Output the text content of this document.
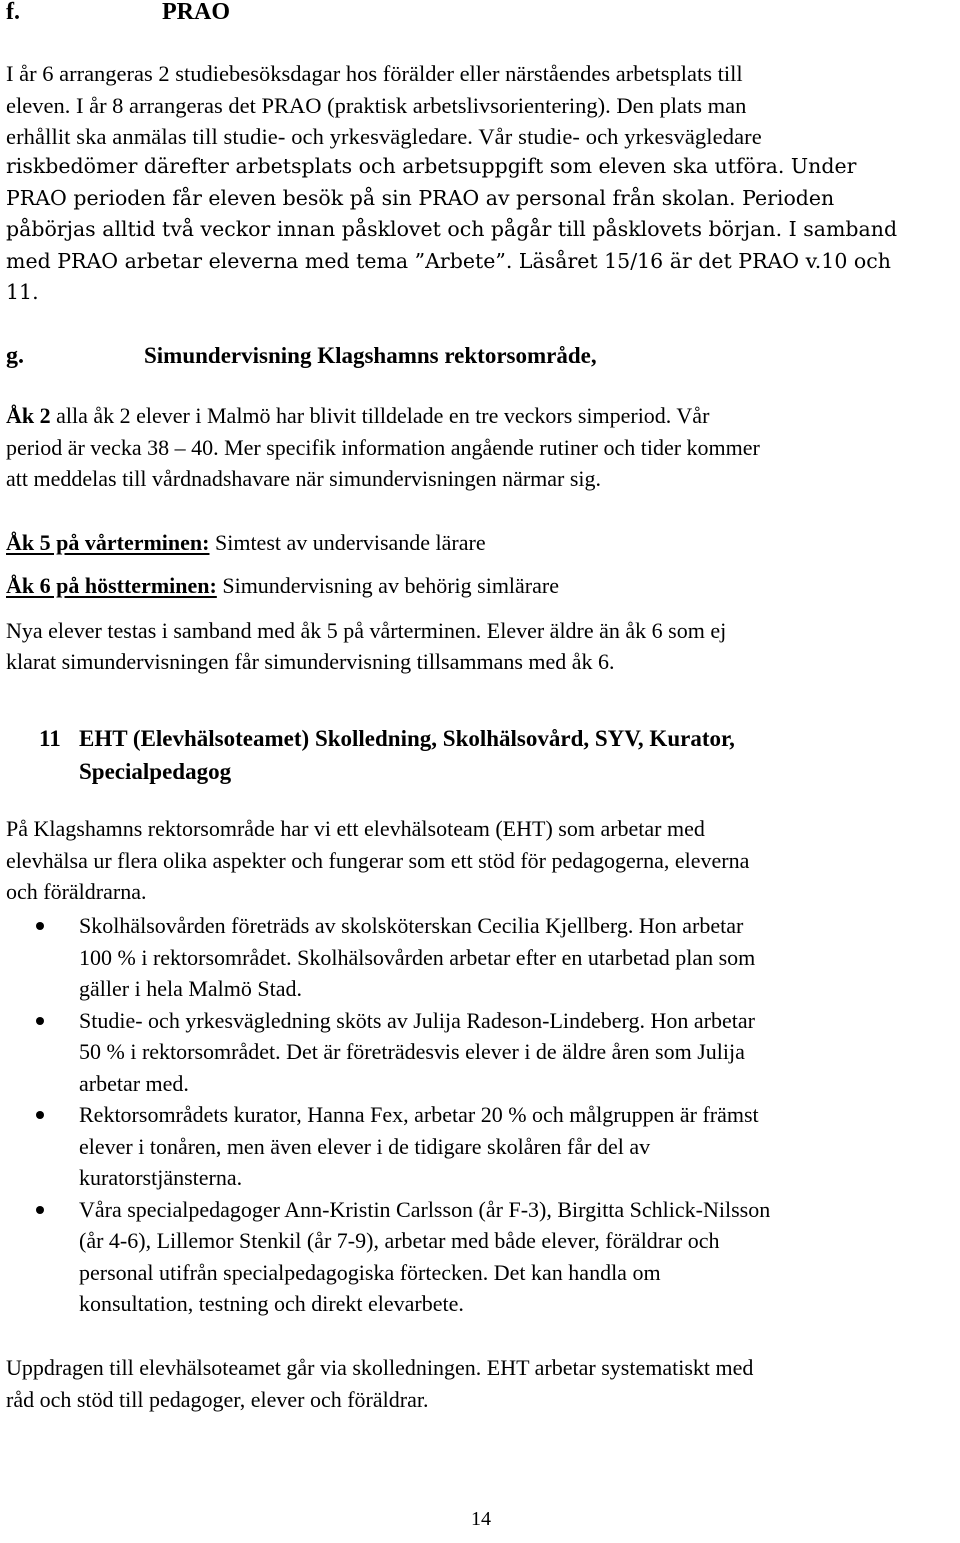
f.	PRAO
I år 6 arrangeras 2 studiebesöksdagar hos förälder eller närståendes arbetsplats till
eleven. I år 8 arrangeras det PRAO (praktisk arbetslivsorientering). Den plats man
erhållit ska anmälas till studie- och yrkesvägledare. Vår studie- och yrkesvägledare
riskbedömer därefter arbetsplats och arbetsuppgift som eleven ska utföra. Under
PRAO perioden får eleven besök på sin PRAO av personal från skolan. Perioden
påbörjas alltid två veckor innan påsklovet och pågår till påsklovets början. I samband
med PRAO arbetar eleverna med tema ”Arbete”. Läsåret 15/16 är det PRAO v.10 och
11.
g.	Simundervisning Klagshamns rektorsområde,
Åk 2 alla åk 2 elever i Malmö har blivit tilldelade en tre veckors simperiod. Vår
period är vecka 38 – 40. Mer specifik information angående rutiner och tider kommer
att meddelas till vårdnadshavare när simundervisningen närmar sig.
Åk 5 på vårterminen: Simtest av undervisande lärare
Åk 6 på höstterminen: Simundervisning av behörig simlärare
Nya elever testas i samband med åk 5 på vårterminen. Elever äldre än åk 6 som ej
klarat simundervisningen får simundervisning tillsammans med åk 6.
11 EHT (Elevhälsoteamet) Skolledning, Skolhälsovård, SYV, Kurator,
Specialpedagog
På Klagshamns rektorsområde har vi ett elevhälsoteam (EHT) som arbetar med
elevhälsa ur flera olika aspekter och fungerar som ett stöd för pedagogerna, eleverna
och föräldrarna.
Skolhälsovården företräds av skolsköterskan Cecilia Kjellberg. Hon arbetar
100 % i rektorsområdet. Skolhälsovården arbetar efter en utarbetad plan som
gäller i hela Malmö Stad.
Studie- och yrkesvägledning sköts av Julija Radeson-Lindeberg. Hon arbetar
50 % i rektorsområdet. Det är företrädesvis elever i de äldre åren som Julija
arbetar med.
Rektorsområdets kurator, Hanna Fex, arbetar 20 % och målgruppen är främst
elever i tonåren, men även elever i de tidigare skolåren får del av
kuratorstjänsterna.
Våra specialpedagoger Ann-Kristin Carlsson (år F-3), Birgitta Schlick-Nilsson
(år 4-6), Lillemor Stenkil (år 7-9), arbetar med både elever, föräldrar och
personal utifrån specialpedagogiska förtecken. Det kan handla om
konsultation, testning och direkt elevarbete.
Uppdragen till elevhälsoteamet går via skolledningen. EHT arbetar systematiskt med
råd och stöd till pedagoger, elever och föräldrar.
14
